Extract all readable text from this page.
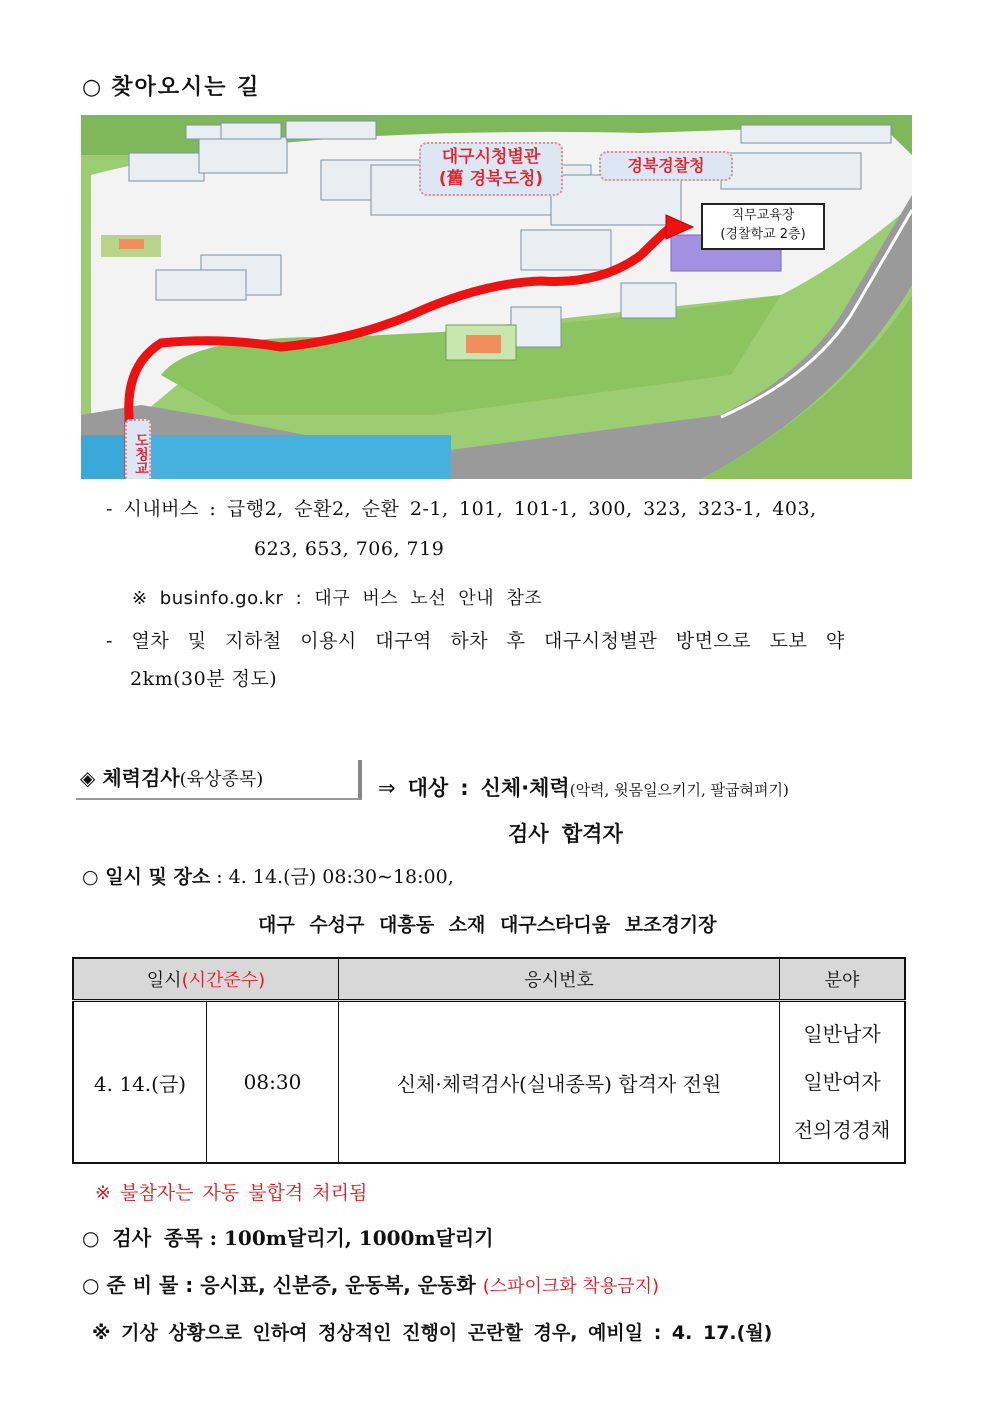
○ 찾아오시는 길
대구시청별관
(舊 경북도청)
경북경찰청
직무교육장
(경찰학교 2층)
도청교
- 시내버스 : 급행2, 순환2, 순환 2-1, 101, 101-1, 300, 323, 323-1, 403,
623, 653, 706, 719
※ businfo.go.kr : 대구 버스 노선 안내 참조
- 열차 및 지하철 이용시 대구역 하차 후 대구시청별관 방면으로 도보 약
2km(30분 정도)
◈ 체력검사(육상종목)	⇒ 대상 : 신체·체력(악력, 윗몸일으키기, 팔굽혀펴기)
검사 합격자
○ 일시 및 장소 : 4. 14.(금) 08:30∼18:00,
대구 수성구 대흥동 소재 대구스타디움 보조경기장
일시(시간준수)		응시번호	분야
4. 14.(금)	08:30	신체·체력검사(실내종목) 합격자 전원	일반남자
일반여자
전의경경채
※ 불참자는 자동 불합격 처리됨
○ 검사 종목 : 100m달리기, 1000m달리기
○ 준 비 물 : 응시표, 신분증, 운동복, 운동화 (스파이크화 착용금지)
※ 기상 상황으로 인하여 정상적인 진행이 곤란할 경우, 예비일 : 4. 17.(월)
